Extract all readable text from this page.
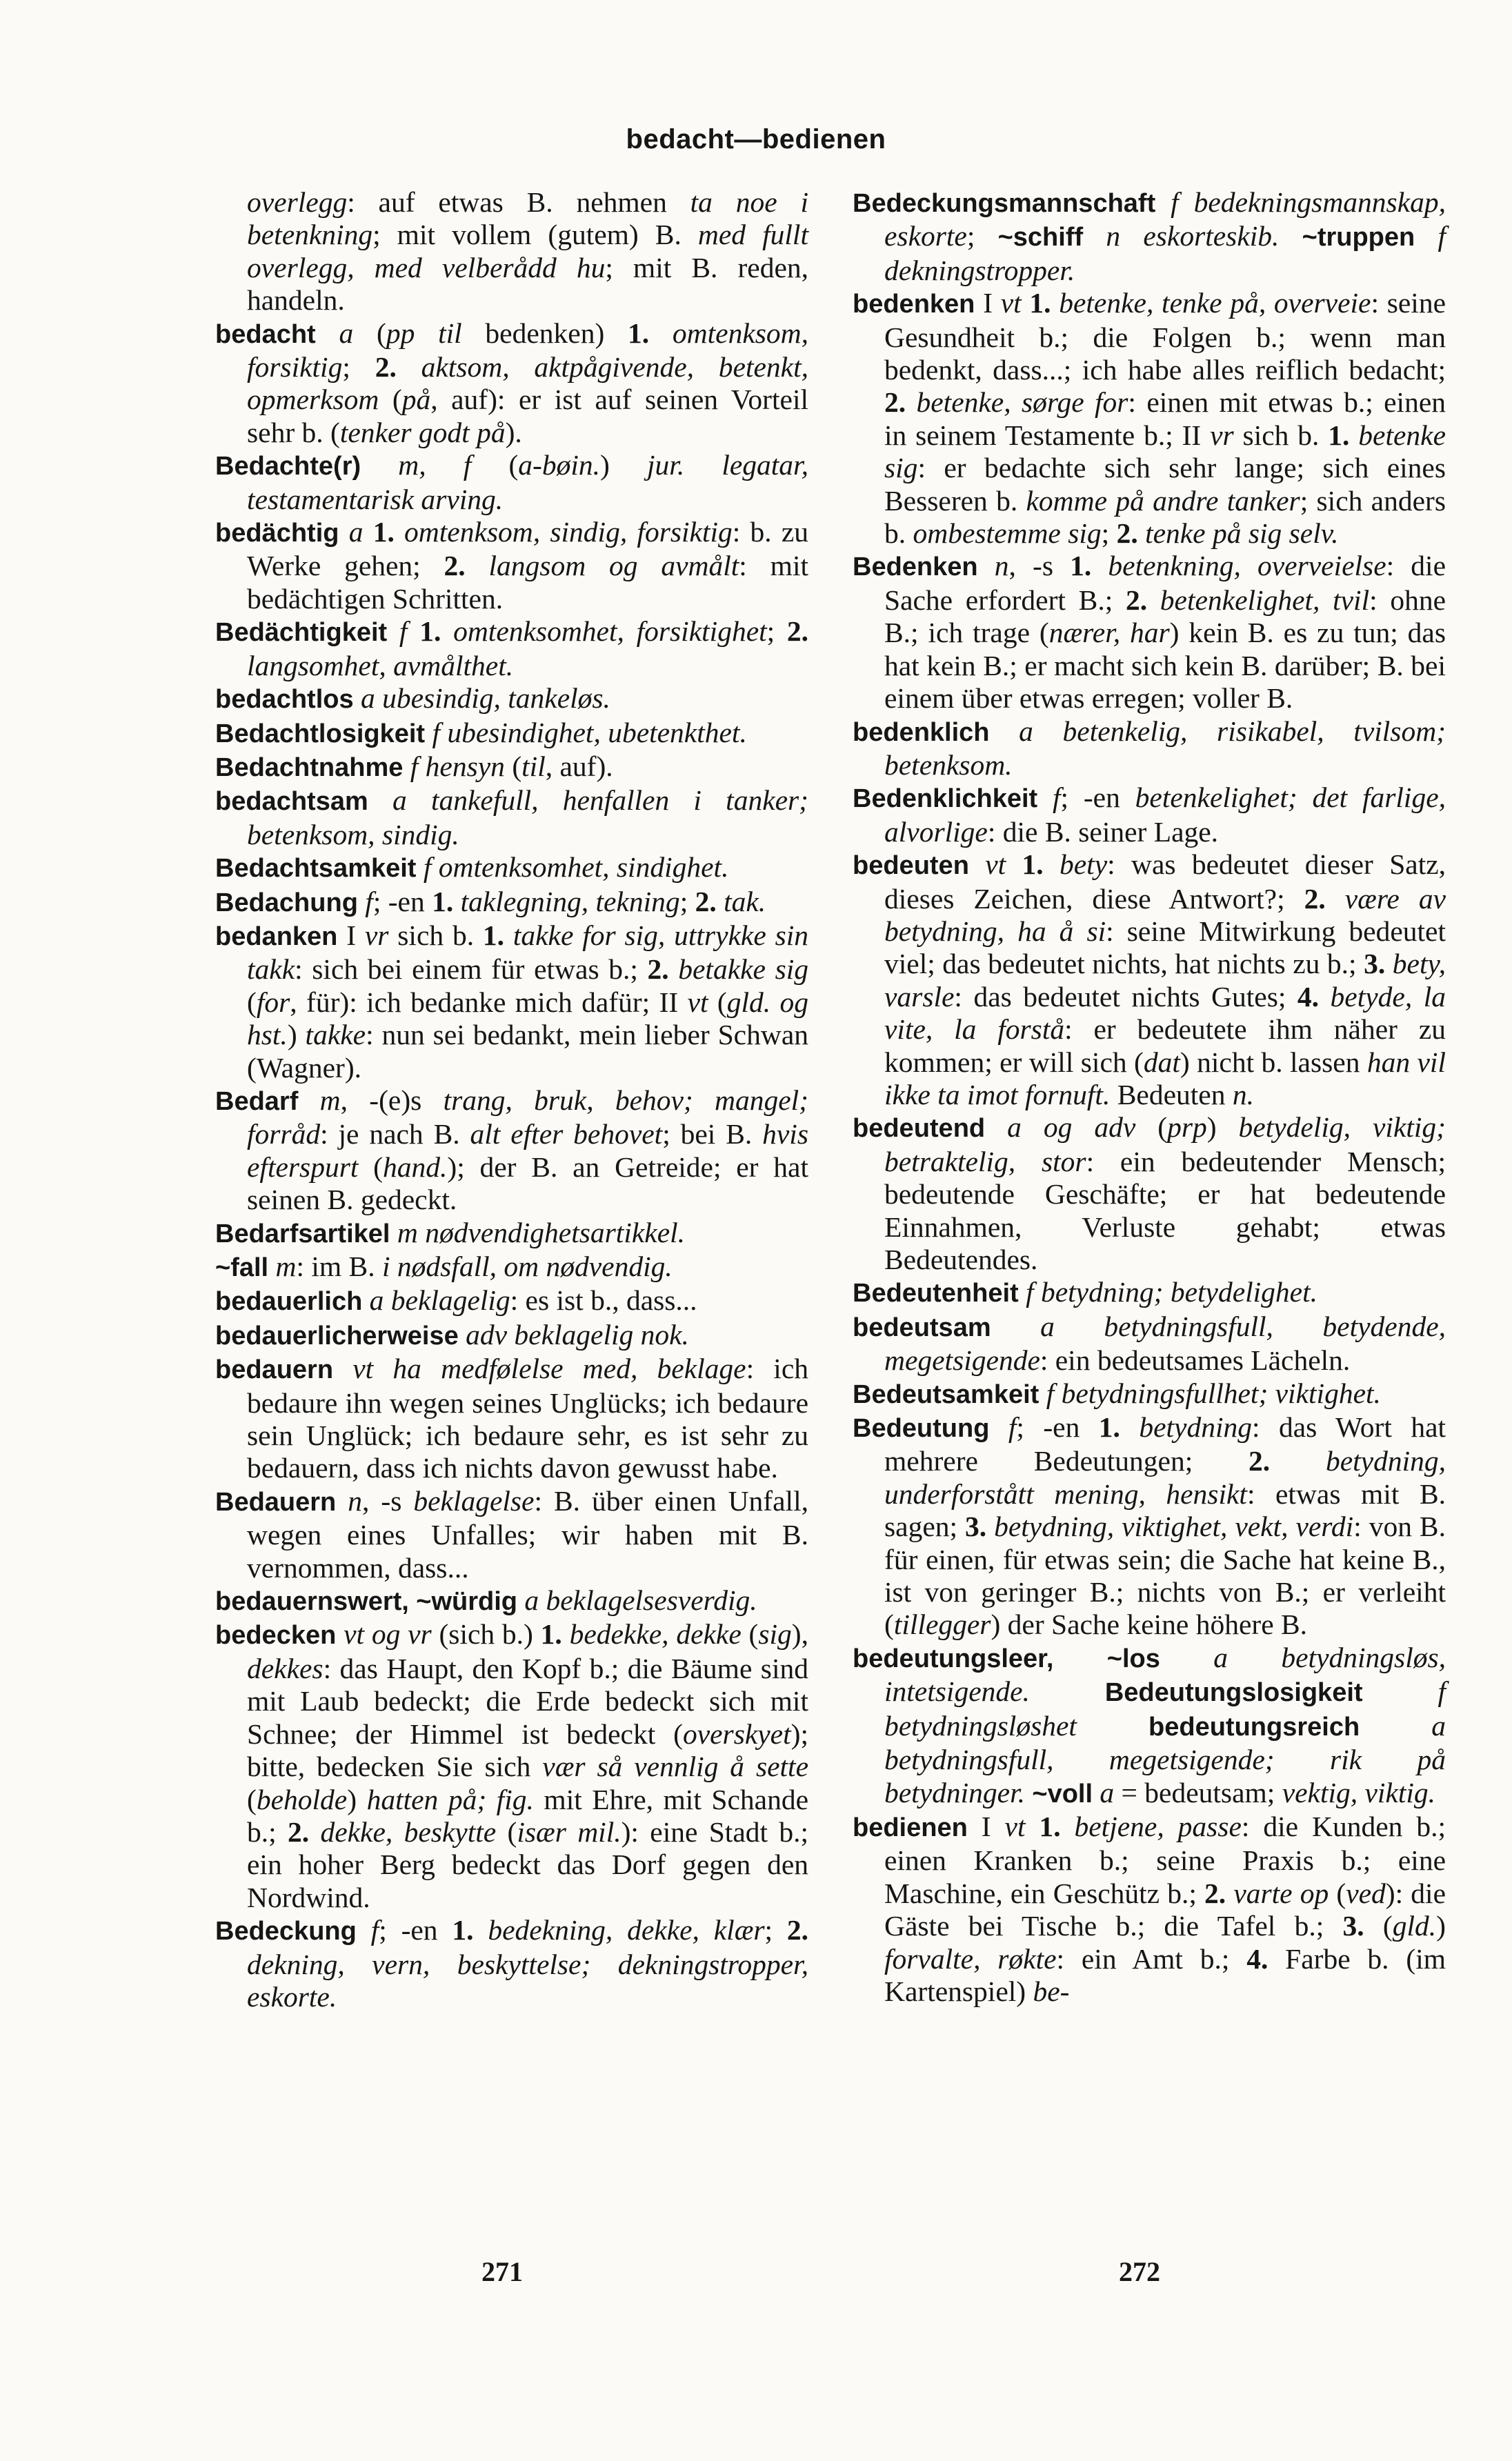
bedacht—bedienen

overlegg: auf etwas B. nehmen ta noe i betenkning; mit vollem (gutem) B. med fullt overlegg, med velberådd hu; mit B. reden, handeln.

bedacht a (pp til bedenken) 1. omtenksom, forsiktig; 2. aktsom, aktpågivende, betenkt, opmerksom (på, auf): er ist auf seinen Vorteil sehr b. (tenker godt på).

Bedachte(r) m, f (a-bøin.) jur. legatar, testamentarisk arving.

bedächtig a 1. omtenksom, sindig, forsiktig: b. zu Werke gehen; 2. langsom og avmålt: mit bedächtigen Schritten.

Bedächtigkeit f 1. omtenksomhet, forsiktighet; 2. langsomhet, avmålthet.

bedachtlos a ubesindig, tankeløs.

Bedachtlosigkeit f ubesindighet, ubetenkthet.

Bedachtnahme f hensyn (til, auf).

bedachtsam a tankefull, henfallen i tanker; betenksom, sindig.

Bedachtsamkeit f omtenksomhet, sindighet.

Bedachung f; -en 1. taklegning, tekning; 2. tak.

bedanken I vr sich b. 1. takke for sig, uttrykke sin takk: sich bei einem für etwas b.; 2. betakke sig (for, für): ich bedanke mich dafür; II vt (gld. og hst.) takke: nun sei bedankt, mein lieber Schwan (Wagner).

Bedarf m, -(e)s trang, bruk, behov; mangel; forråd: je nach B. alt efter behovet; bei B. hvis efterspurt (hand.); der B. an Getreide; er hat seinen B. gedeckt.

Bedarfsartikel m nødvendighetsartikkel.

~fall m: im B. i nødsfall, om nødvendig.

bedauerlich a beklagelig: es ist b., dass...

bedauerlicherweise adv beklagelig nok.

bedauern vt ha medfølelse med, beklage: ich bedaure ihn wegen seines Unglücks; ich bedaure sein Unglück; ich bedaure sehr, es ist sehr zu bedauern, dass ich nichts davon gewusst habe.

Bedauern n, -s beklagelse: B. über einen Unfall, wegen eines Unfalles; wir haben mit B. vernommen, dass...

bedauernswert, ~würdig a beklagelsesverdig.

bedecken vt og vr (sich b.) 1. bedekke, dekke (sig), dekkes: das Haupt, den Kopf b.; die Bäume sind mit Laub bedeckt; die Erde bedeckt sich mit Schnee; der Himmel ist bedeckt (overskyet); bitte, bedecken Sie sich vær så vennlig å sette (beholde) hatten på; fig. mit Ehre, mit Schande b.; 2. dekke, beskytte (især mil.): eine Stadt b.; ein hoher Berg bedeckt das Dorf gegen den Nordwind.

Bedeckung f; -en 1. bedekning, dekke, klær; 2. dekning, vern, beskyttelse; dekningstropper, eskorte.

Bedeckungsmannschaft f bedekningsmannskap, eskorte; ~schiff n eskorteskib. ~truppen f dekningstropper.

bedenken I vt 1. betenke, tenke på, overveie: seine Gesundheit b.; die Folgen b.; wenn man bedenkt, dass...; ich habe alles reiflich bedacht; 2. betenke, sørge for: einen mit etwas b.; einen in seinem Testamente b.; II vr sich b. 1. betenke sig: er bedachte sich sehr lange; sich eines Besseren b. komme på andre tanker; sich anders b. ombestemme sig; 2. tenke på sig selv.

Bedenken n, -s 1. betenkning, overveielse: die Sache erfordert B.; 2. betenkelighet, tvil: ohne B.; ich trage (nærer, har) kein B. es zu tun; das hat kein B.; er macht sich kein B. darüber; B. bei einem über etwas erregen; voller B.

bedenklich a betenkelig, risikabel, tvilsom; betenksom.

Bedenklichkeit f; -en betenkelighet; det farlige, alvorlige: die B. seiner Lage.

bedeuten vt 1. bety: was bedeutet dieser Satz, dieses Zeichen, diese Antwort?; 2. være av betydning, ha å si: seine Mitwirkung bedeutet viel; das bedeutet nichts, hat nichts zu b.; 3. bety, varsle: das bedeutet nichts Gutes; 4. betyde, la vite, la forstå: er bedeutete ihm näher zu kommen; er will sich (dat) nicht b. lassen han vil ikke ta imot fornuft. Bedeuten n.

bedeutend a og adv (prp) betydelig, viktig; betraktelig, stor: ein bedeutender Mensch; bedeutende Geschäfte; er hat bedeutende Einnahmen, Verluste gehabt; etwas Bedeutendes.

Bedeutenheit f betydning; betydelighet.

bedeutsam a betydningsfull, betydende, megetsigende: ein bedeutsames Lächeln.

Bedeutsamkeit f betydningsfullhet; viktighet.

Bedeutung f; -en 1. betydning: das Wort hat mehrere Bedeutungen; 2. betydning, underforstått mening, hensikt: etwas mit B. sagen; 3. betydning, viktighet, vekt, verdi: von B. für einen, für etwas sein; die Sache hat keine B., ist von geringer B.; nichts von B.; er verleiht (tillegger) der Sache keine höhere B.

bedeutungsleer, ~los a betydningsløs, intetsigende.	Bedeutungslosigkeit	f betydningsløshet	bedeutungsreich	a betydningsfull, megetsigende; rik på betydninger. ~voll a = bedeutsam; vektig, viktig.

bedienen I vt 1. betjene, passe: die Kunden b.; einen Kranken b.; seine Praxis b.; eine Maschine, ein Geschütz b.; 2. varte op (ved): die Gäste bei Tische b.; die Tafel b.; 3. (gld.) forvalte, røkte: ein Amt b.; 4. Farbe b. (im Kartenspiel) be-

271	272
